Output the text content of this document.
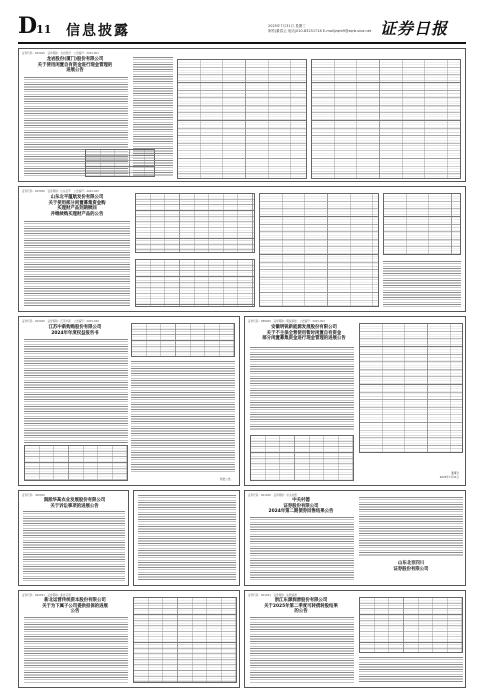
D11 信息披露	2025年7月31日 星期三
制作|董春云 电话|010-83251716 E-mail|zqrb9@zqrb.sina.net 证券日报
证券代码：600000　证券简称：龙岩股份　公告编号：2025-001
龙岩股份(厦门)股份有限公司
关于使用闲置自有资金进行现金管理的
进展公告
证券代码：603000　证券简称：山东北平　公告编号：2025-045
山东北平蕴航发份有限公司
关于使用部分闲置募集资金购
买理财产品到期赎回
并继续购买理财产品的公告
证券代码：002000　证券简称：江苏中新　公告编号：2025-030
江苏中新购购股份有限公司
2024年年度权益报告书
特此公告。
证券代码：688000　证券简称：明锐新能　公告编号：2025-052
安徽明锐新能源发展股份有限公司
关于不主保全营使用暂时闲置自有资金
部分闲置募集资金进行现金管理的进展公告
董事会
2025年7月31日
证券代码：300000
润淞华高农业发展股份有限公司
关于诉讼事项的进展公告
证券代码：600001　证券简称：新北运营
新北运营传统资本股份有限公司
关于为下属子公司提供担保的进展
公告
证券代码：601000　证券简称：中关村德
中关村德
证券股份有限公司
2024年第二期债券回售结果公告
山东北京四川
证券股份有限公司
证券代码：603001　证券简称：东源润滑
浙江东源润滑股份有限公司
关于2025年第二季度可转债转股结果
的公告
